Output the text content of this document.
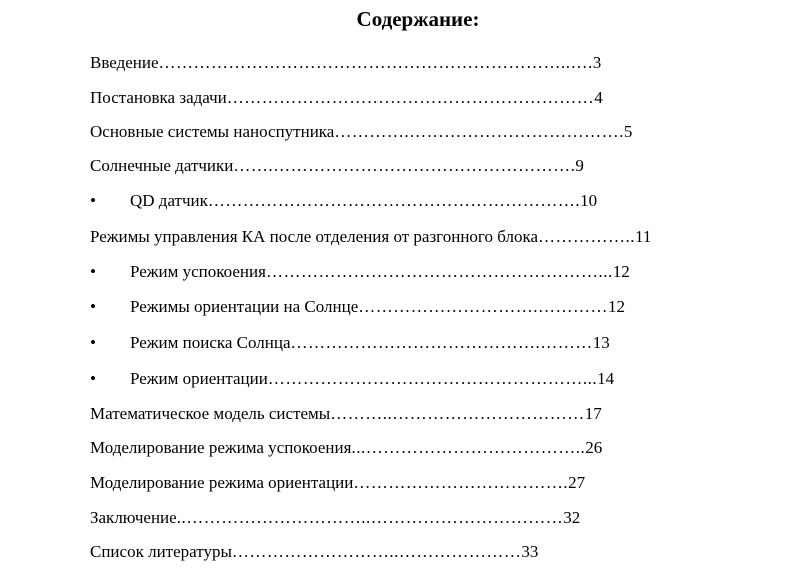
Содержание:
Введение……………………………………………………………..….3
Постановка задачи………………………………………………………4
Основные системы наноспутника………….……………………………….5
Солнечные датчики…….…………………………………………….9
• QD датчик……………………………………………………….10
Режимы управления КА после отделения от разгонного блока……………..11
• Режим успокоения…………………………………………………...12
• Режимы ориентации на Солнце………………………….…………12
• Режим поиска Солнца…………………………………….………13
• Режим ориентации………………………………………………...14
Математическое модель системы………..……………………………17
Моделирование режима успокоения...………………………………..26
Моделирование режима ориентации……………………………….27
Заключение..…………………………..……………………………32
Список литературы………………………..…………………33
